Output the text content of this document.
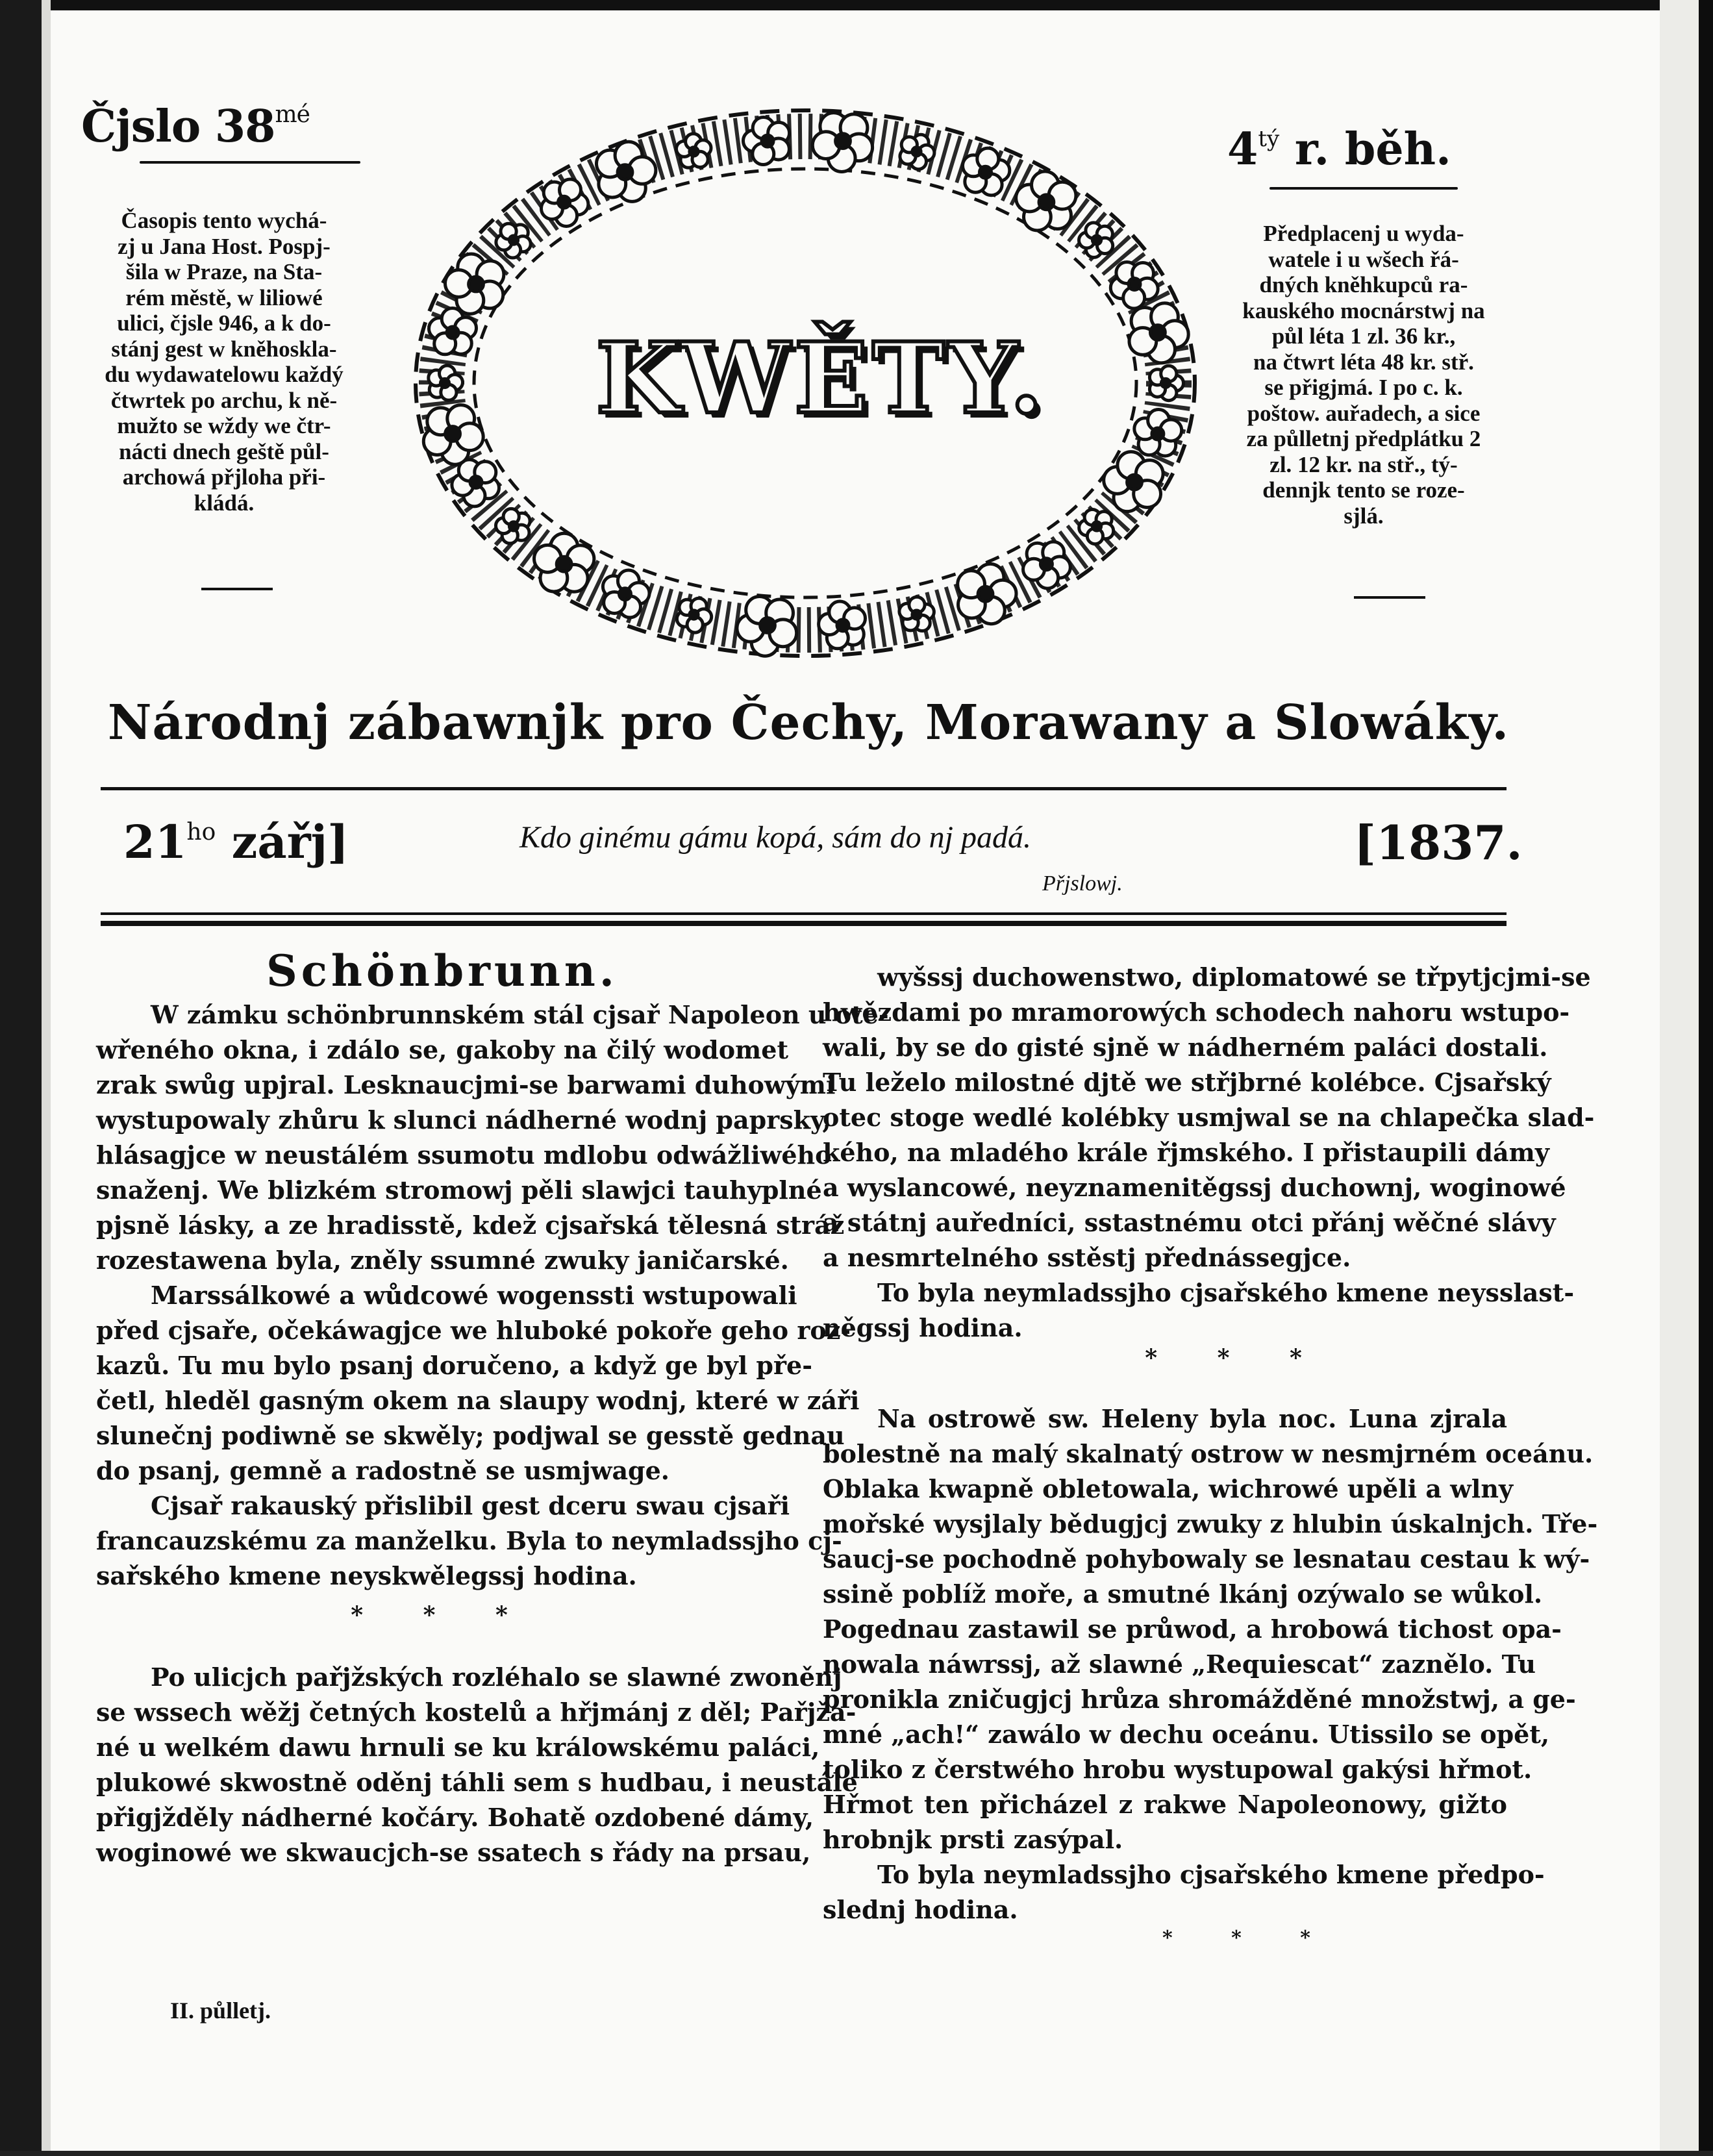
Čjslo $38^{mé}$
$4^{tý}$ r. běh.
Časopis tento wychá-
zj u Jana Host. Pospj-
šila w Praze, na Sta-
rém městě, w liliowé
ulici, čjsle 946, a k do-
stánj gest w kněhoskla-
du wydawatelowu každý
čtwrtek po archu, k ně-
mužto se wždy we čtr-
nácti dnech geště půl-
archowá přjloha při-
kládá.
Předplacenj u wyda-
watele i u wšech řá-
dných kněhkupců ra-
kauského mocnárstwj na
půl léta 1 zl. 36 kr.,
na čtwrt léta 48 kr. stř.
se přigjmá. I po c. k.
poštow. auřadech, a sice
za půlletnj předplátku 2
zl. 12 kr. na stř., tý-
dennjk tento se roze-
sjlá.
KWĚTY.
Národnj zábawnjk pro Čechy, Morawany a Slowáky.
$21^{ho}$ zářj]	Kdo ginému gámu kopá, sám do nj padá.
Přjslowj.
[1837.
Schönbrunn.

W zámku schönbrunnském stál cjsař Napoleon u ote-
wřeného okna, i zdálo se, gakoby na čilý wodomet
zrak swůg upjral. Lesknaucjmi-se barwami duhowými
wystupowaly zhůru k slunci nádherné wodnj paprsky,
hlásagjce w neustálém ssumotu mdlobu odwážliwého
snaženj. We blizkém stromowj pěli slawjci tauhyplné
pjsně lásky, a ze hradisstě, kdež cjsařská tělesná stráž
rozestawena byla, zněly ssumné zwuky janičarské.

Marssálkowé a wůdcowé wogenssti wstupowali
před cjsaře, očekáwagjce we hluboké pokoře geho roz-
kazů. Tu mu bylo psanj doručeno, a když ge byl pře-
četl, hleděl gasným okem na slaupy wodnj, které w záři
slunečnj podiwně se skwěly; podjwal se gesstě gednau
do psanj, gemně a radostně se usmjwage.

Cjsař rakauský přislibil gest dceru swau cjsaři
francauzskému za manželku. Byla to neymladssjho cj-
sařského kmene neyskwělegssj hodina.

* * *

Po ulicjch pařjžských rozléhalo se slawné zwoněnj
se wssech wěžj četných kostelů a hřjmánj z děl; Pařjža-
né u welkém dawu hrnuli se ku králowskému paláci,
plukowé skwostně oděnj táhli sem s hudbau, i neustále
přigjžděly nádherné kočáry. Bohatě ozdobené dámy,
woginowé we skwaucjch-se ssatech s řády na prsau,

wyšssj duchowenstwo, diplomatowé se třpytjcjmi-se
hwězdami po mramorowých schodech nahoru wstupo-
wali, by se do gisté sjně w nádherném paláci dostali.
Tu leželo milostné djtě we střjbrné kolébce. Cjsařský
otec stoge wedlé kolébky usmjwal se na chlapečka slad-
kého, na mladého krále řjmského. I přistaupili dámy
a wyslancowé, neyznamenitěgssj duchownj, woginowé
a státnj auředníci, sstastnému otci přánj wěčné slávy
a nesmrtelného sstěstj přednássegjce.

To byla neymladssjho cjsařského kmene neysslast-
něgssj hodina.

* * *

Na ostrowě sw. Heleny byla noc. Luna zjrala
bolestně na malý skalnatý ostrow w nesmjrném oceánu.
Oblaka kwapně obletowala, wichrowé upěli a wlny
mořské wysjlaly bědugjcj zwuky z hlubin úskalnjch. Tře-
saucj-se pochodně pohybowaly se lesnatau cestau k wý-
ssině poblíž moře, a smutné lkánj ozýwalo se wůkol.
Pogednau zastawil se průwod, a hrobowá tichost opa-
nowala náwrssj, až slawné „Requiescat“ zaznělo. Tu
pronikla zničugjcj hrůza shromážděné množstwj, a ge-
mné „ach!“ zawálo w dechu oceánu. Utissilo se opět,
toliko z čerstwého hrobu wystupowal gakýsi hřmot.
Hřmot ten přicházel z rakwe Napoleonowy, gižto
hrobnjk prsti zasýpal.

To byla neymladssjho cjsařského kmene předpo-
slednj hodina.

* * *
II. půlletj.
